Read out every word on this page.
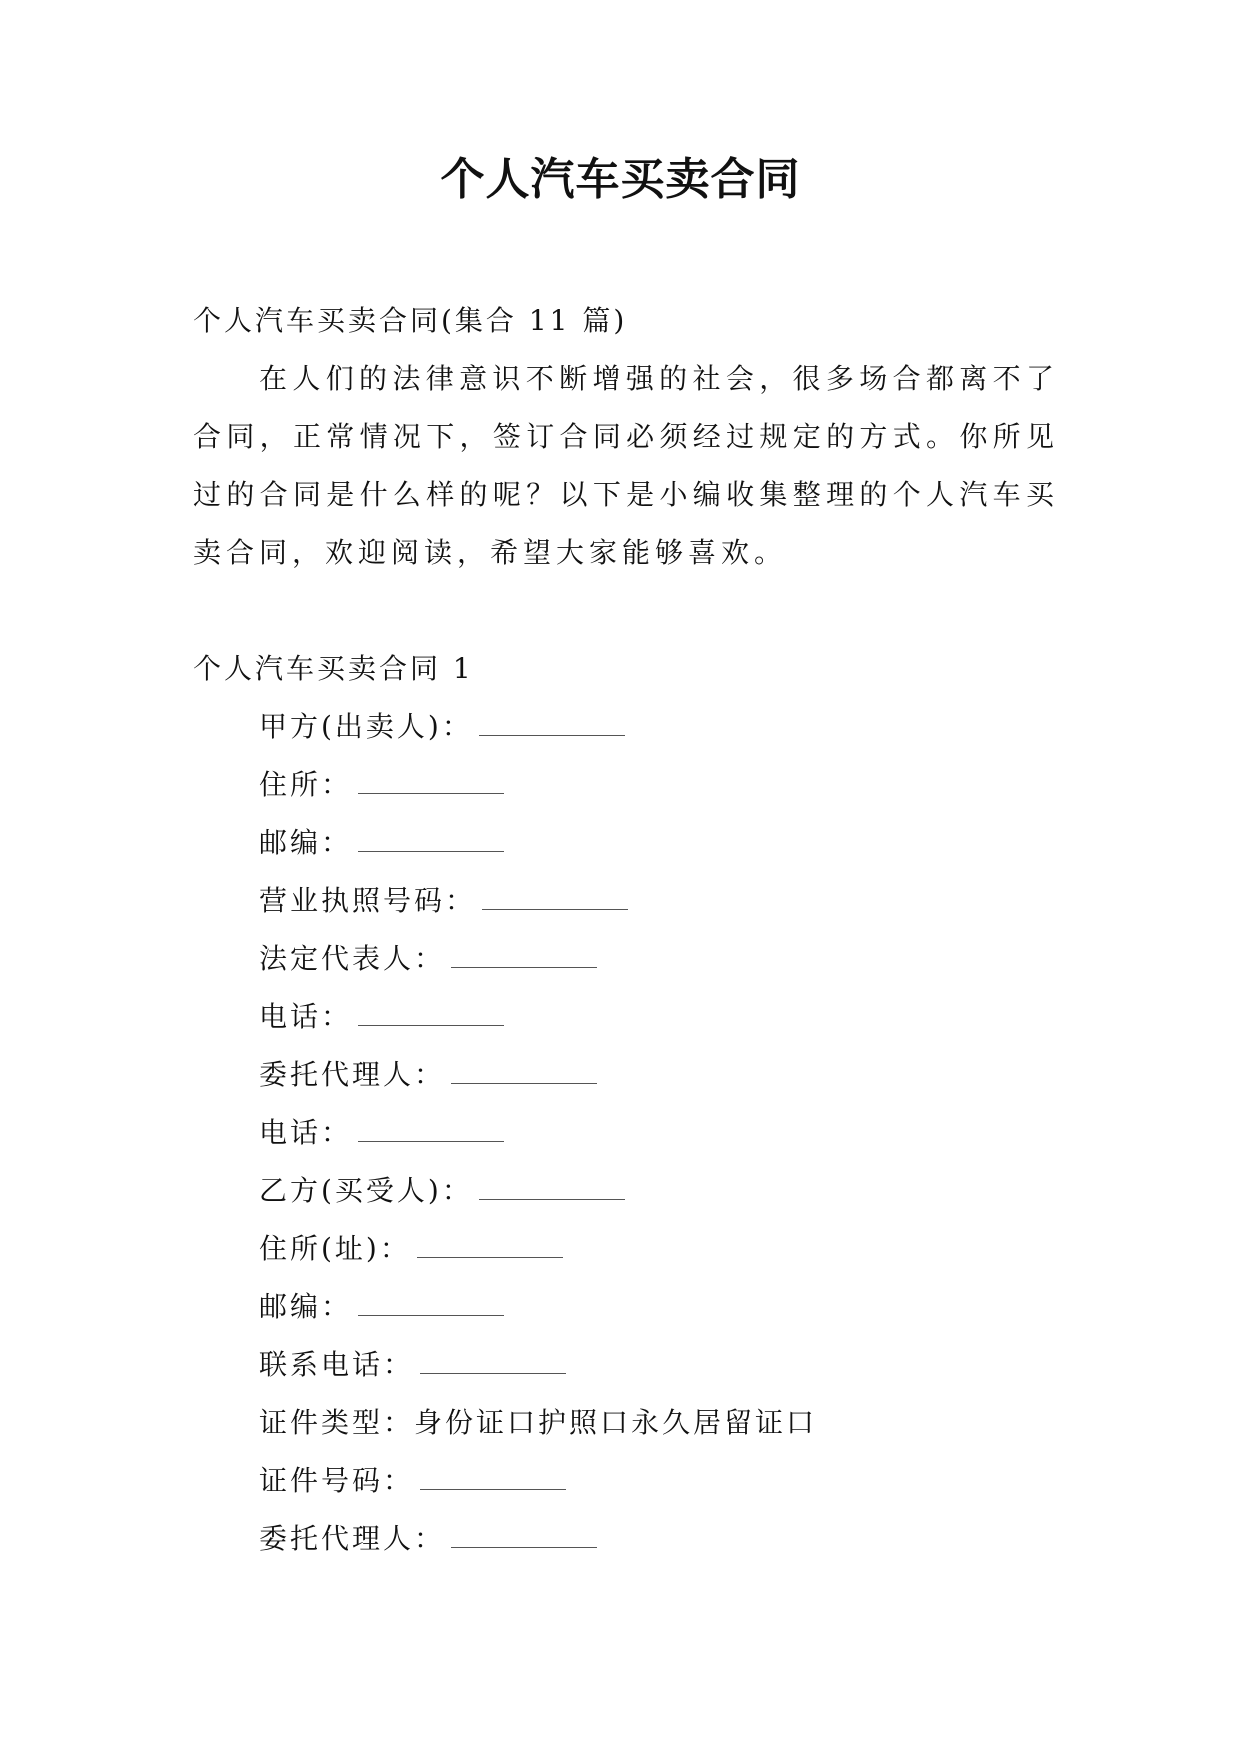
个人汽车买卖合同
个人汽车买卖合同(集合 11 篇)
在人们的法律意识不断增强的社会，很多场合都离不了合同，正常情况下，签订合同必须经过规定的方式。你所见过的合同是什么样的呢？以下是小编收集整理的个人汽车买卖合同，欢迎阅读，希望大家能够喜欢。
个人汽车买卖合同 1
甲方(出卖人)：
住所：
邮编：
营业执照号码：
法定代表人：
电话：
委托代理人：
电话：
乙方(买受人)：
住所(址)：
邮编：
联系电话：
证件类型：身份证口护照口永久居留证口
证件号码：
委托代理人：
